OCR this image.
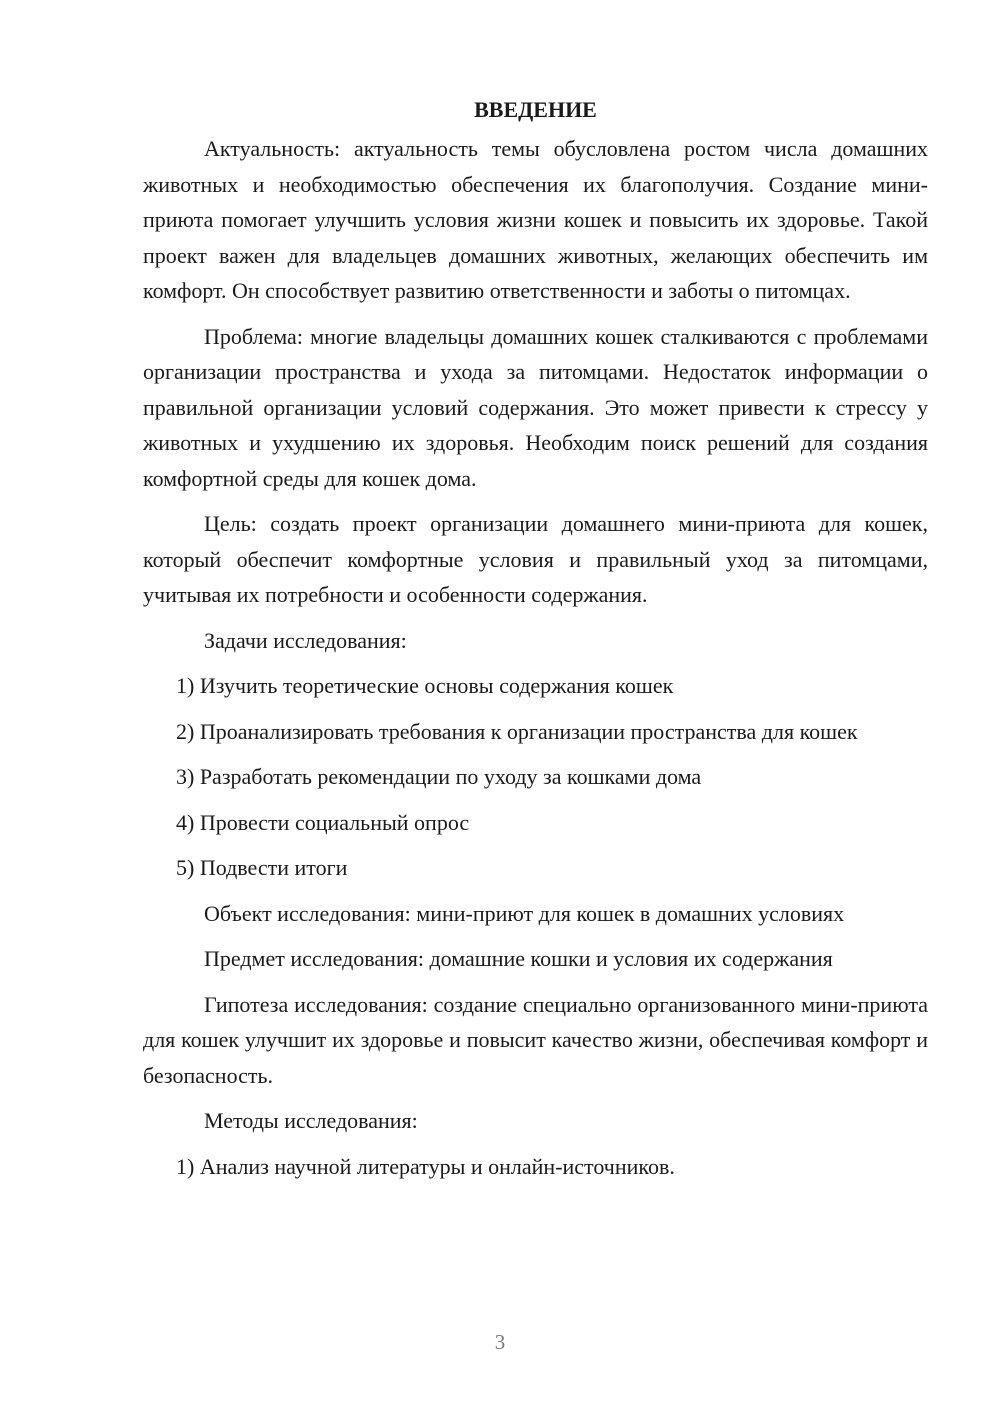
ВВЕДЕНИЕ

Актуальность: актуальность темы обусловлена ростом числа домашних животных и необходимостью обеспечения их благополучия. Создание мини-приюта помогает улучшить условия жизни кошек и повысить их здоровье. Такой проект важен для владельцев домашних животных, желающих обеспечить им комфорт. Он способствует развитию ответственности и заботы о питомцах.

Проблема: многие владельцы домашних кошек сталкиваются с проблемами организации пространства и ухода за питомцами. Недостаток информации о правильной организации условий содержания. Это может привести к стрессу у животных и ухудшению их здоровья. Необходим поиск решений для создания комфортной среды для кошек дома.

Цель: создать проект организации домашнего мини-приюта для кошек, который обеспечит комфортные условия и правильный уход за питомцами, учитывая их потребности и особенности содержания.

Задачи исследования:

1) Изучить теоретические основы содержания кошек

2) Проанализировать требования к организации пространства для кошек

3) Разработать рекомендации по уходу за кошками дома

4) Провести социальный опрос

5) Подвести итоги

Объект исследования: мини-приют для кошек в домашних условиях

Предмет исследования: домашние кошки и условия их содержания

Гипотеза исследования: создание специально организованного мини-приюта для кошек улучшит их здоровье и повысит качество жизни, обеспечивая комфорт и безопасность.

Методы исследования:

1) Анализ научной литературы и онлайн-источников.

3
